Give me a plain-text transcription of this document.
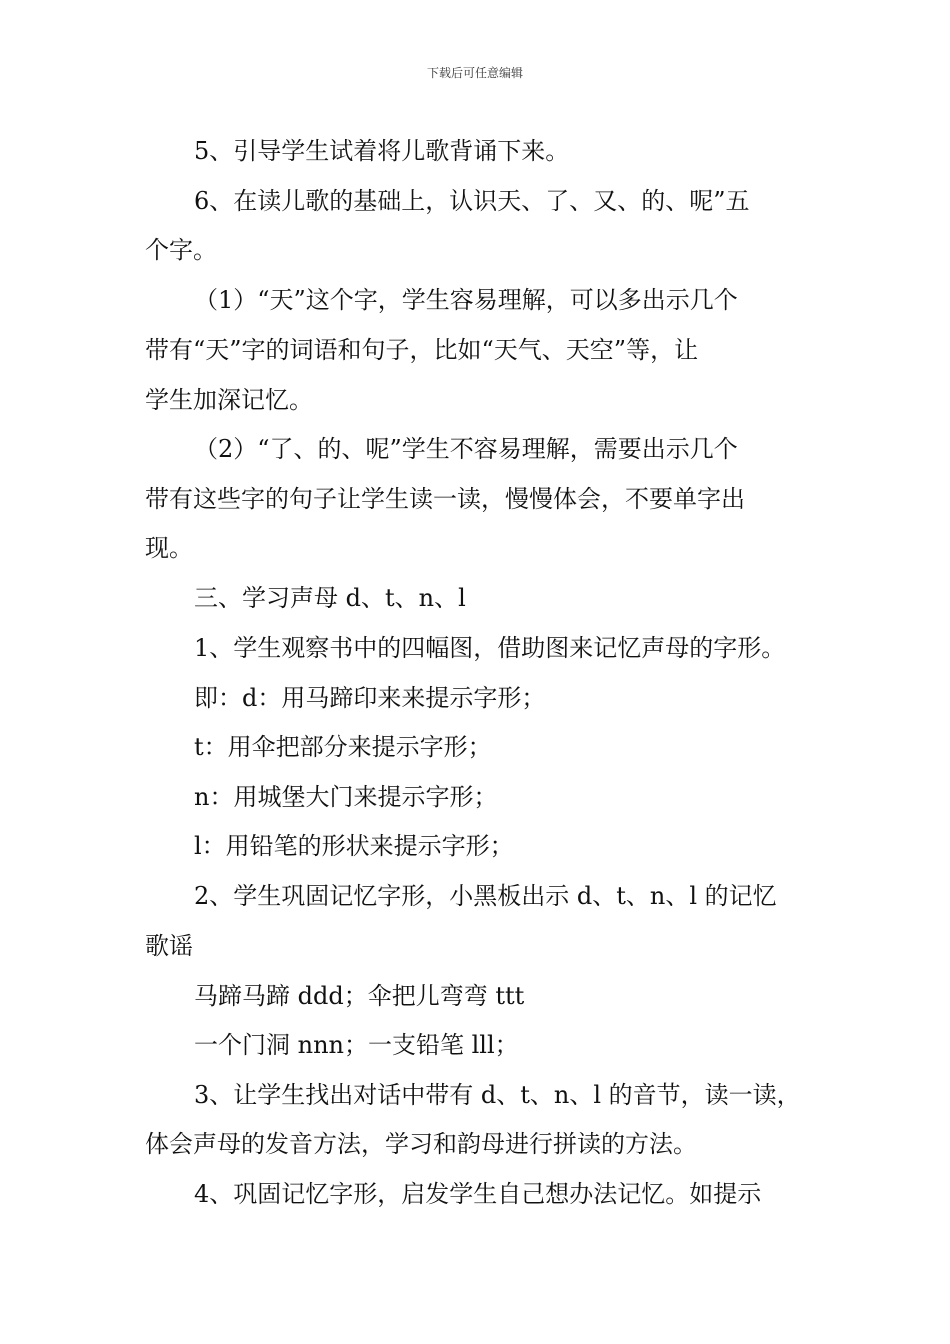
下载后可任意编辑
5、引导学生试着将儿歌背诵下来。
6、在读儿歌的基础上，认识天、了、又、的、呢”五
个字。
（1）“天”这个字，学生容易理解，可以多出示几个
带有“天”字的词语和句子，比如“天气、天空”等，让
学生加深记忆。
（2）“了、的、呢”学生不容易理解，需要出示几个
带有这些字的句子让学生读一读，慢慢体会，不要单字出
现。
三、学习声母 d、t、n、l
1、学生观察书中的四幅图，借助图来记忆声母的字形。
即：d：用马蹄印来来提示字形；
t：用伞把部分来提示字形；
n：用城堡大门来提示字形；
l：用铅笔的形状来提示字形；
2、学生巩固记忆字形，小黑板出示 d、t、n、l 的记忆
歌谣
马蹄马蹄 ddd；伞把儿弯弯 ttt
一个门洞 nnn；一支铅笔 lll；
3、让学生找出对话中带有 d、t、n、l 的音节，读一读，
体会声母的发音方法，学习和韵母进行拼读的方法。
4、巩固记忆字形，启发学生自己想办法记忆。如提示
